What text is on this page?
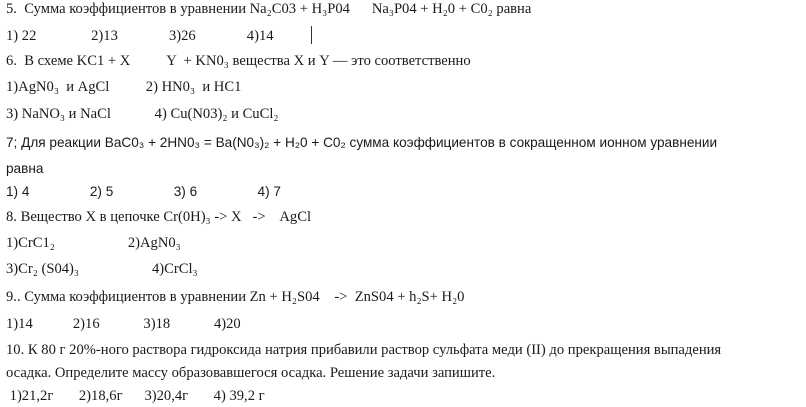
5.  Сумма коэффициентов в уравнении Na₂C03 + H₃P04      Na₃P04 + H₂0 + C0₂ равна
1) 22               2)13              3)26              4)14
6.  В схеме KC1 + X          Y  + KN0₃ вещества X и Y — это соответственно
1)AgN0₃  и AgCl          2) HN0₃  и HC1
3) NaNO₃ и NaCl            4) Cu(N03)₂ и CuCl₂
7; Для реакции BaC0₃ + 2HN0₃ = Ba(N0₃)₂ + H₂0 + C0₂ сумма коэффициентов в сокращенном ионном уравнении
равна
1) 4                2) 5                3) 6                4) 7
8. Вещество X в цепочке Cr(0H)₃ -> X   ->    AgCl
1)CrC1₂                    2)AgN0₃
3)Cr₂ (S04)₃                    4)CrCl₃
9.. Сумма коэффициентов в уравнении Zn + H₂S04    ->  ZnS04 + h₂S+ H₂0
1)14           2)16            3)18            4)20
10. К 80 г 20%-ного раствора гидроксида натрия прибавили раствор сульфата меди (II) до прекращения выпадения
осадка. Определите массу образовавшегося осадка. Решение задачи запишите.
1)21,2г       2)18,6г      3)20,4г       4) 39,2 г
